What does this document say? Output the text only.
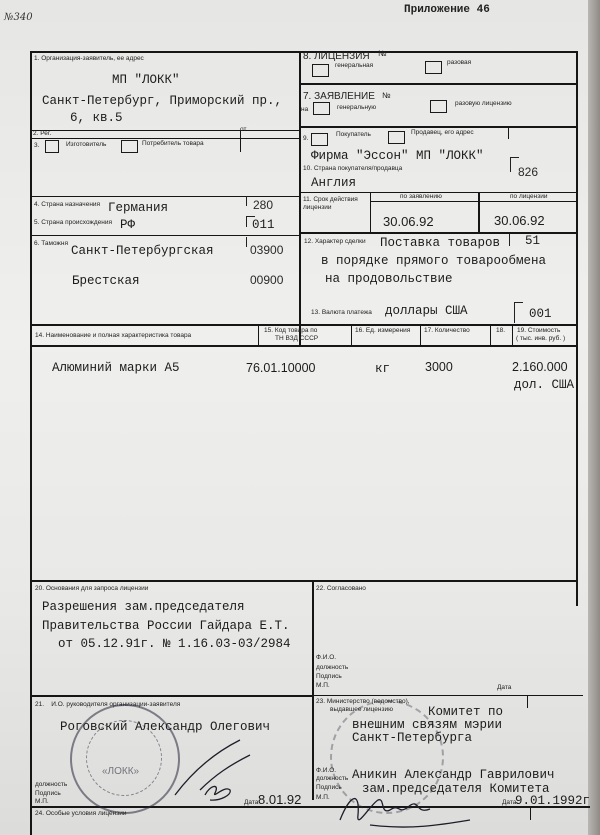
№340
Приложение 46
1. Организация-заявитель, ее адрес
МП "ЛОКК"
Санкт-Петербург, Приморский пр.,
6, кв.5
2. Рег.
от
3.	Изготовитель	Потребитель товара
4. Страна назначения Германия	280
5. Страна происхождения РФ	011
6. Таможня
Санкт-Петербургская	03900
Брестская	00900
8. ЛИЦЕНЗИЯ №
генеральная	разовая
7. ЗАЯВЛЕНИЕ №
на	генеральную
разовую лицензию
9.
Покупатель	Продавец, его адрес
Фирма "Эссон" МП "ЛОКК"
10. Страна покупателя/продавца
Англия
826
11. Срок действия лицензии
по заявлению	по лицензии
30.06.92	30.06.92
12. Характер сделки Поставка товаров 51
в порядке прямого товарообмена
на продовольствие
13. Валюта платежа доллары США	001
14. Наименование и полная характеристика товара
15. Код товара по
ТН ВЗД СССР
16. Ед. измерения 17. Количество	18. 19. Стоимость
( тыс. инв. руб. )
Алюминий марки А5	76.01.10000	кг	3000	2.160.000
дол. США
20. Основания для запроса лицензии
Разрешения зам.председателя
Правительства России Гайдара Е.Т.
от 05.12.91г. № 1.16.03-03/2984
22. Согласовано
Ф.И.О.
должность
Подпись
М.П.	Дата
21.    И.О. руководителя организации-заявителя
«ЛОКК»
Роговский Александр Олегович
должность
Подпись
М.П.	Дата 8.01.92
23. Министерство (ведомство),
выдавшее лицензию	Комитет по
внешним связям мэрии
Санкт-Петербурга
Ф.И.О.
должность
Подпись
М.П.
Аникин Александр Гаврилович
зам.председателя Комитета
Дата
9.01.1992г
24. Особые условия лицензии
